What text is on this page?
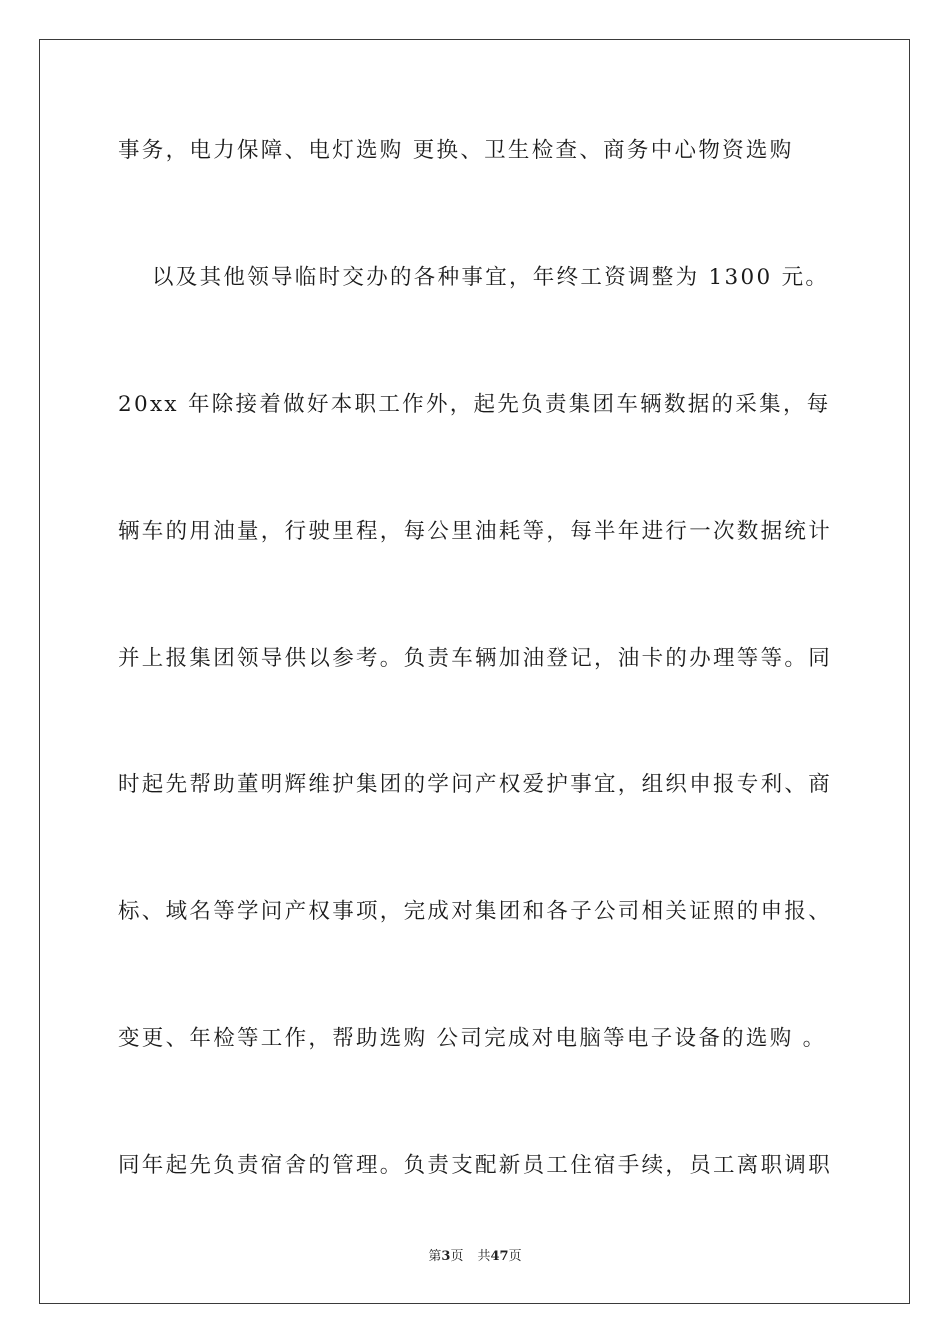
事务，电力保障、电灯选购 更换、卫生检查、商务中心物资选购
以及其他领导临时交办的各种事宜，年终工资调整为 1300 元。
20xx 年除接着做好本职工作外，起先负责集团车辆数据的采集，每
辆车的用油量，行驶里程，每公里油耗等，每半年进行一次数据统计
并上报集团领导供以参考。负责车辆加油登记，油卡的办理等等。同
时起先帮助董明辉维护集团的学问产权爱护事宜，组织申报专利、商
标、域名等学问产权事项，完成对集团和各子公司相关证照的申报、
变更、年检等工作，帮助选购 公司完成对电脑等电子设备的选购 。
同年起先负责宿舍的管理。负责支配新员工住宿手续，员工离职调职
第3页 共47页
